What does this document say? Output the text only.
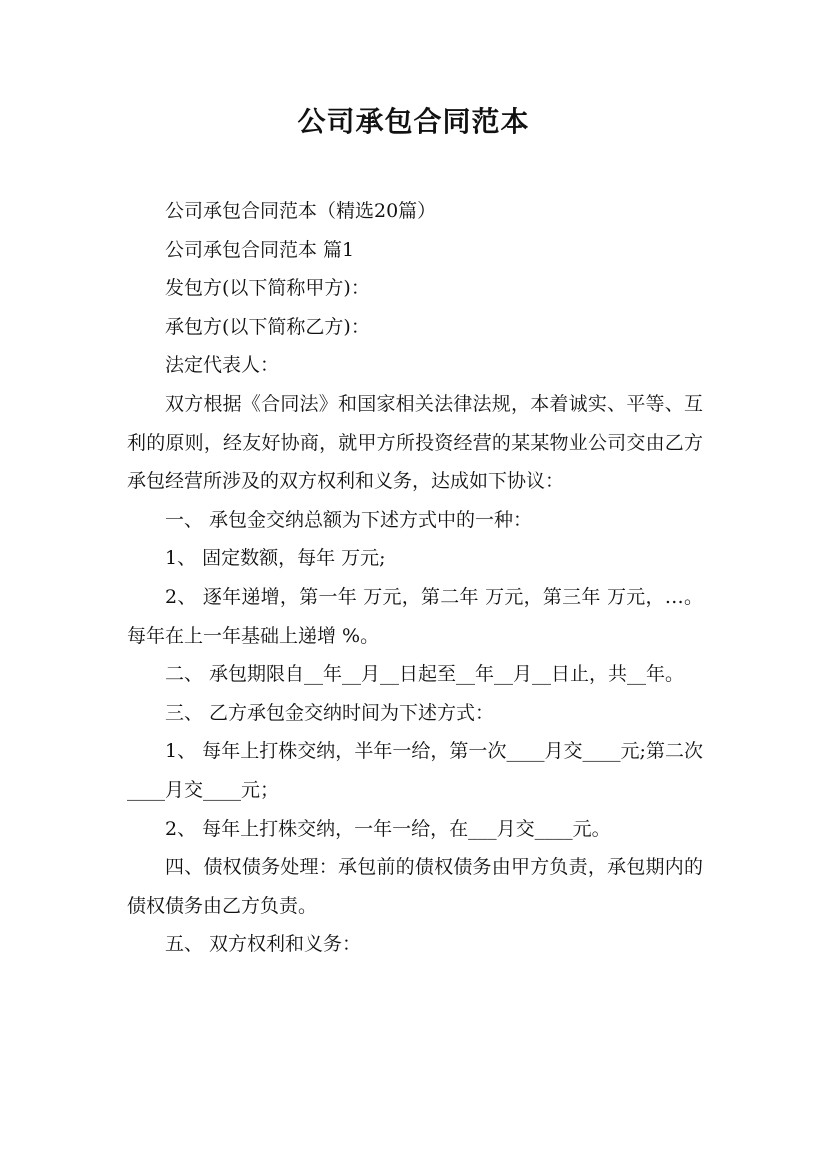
公司承包合同范本

公司承包合同范本（精选20篇）

公司承包合同范本 篇1

发包方(以下简称甲方)：

承包方(以下简称乙方)：

法定代表人：

双方根据《合同法》和国家相关法律法规，本着诚实、平等、互利的原则，经友好协商，就甲方所投资经营的某某物业公司交由乙方承包经营所涉及的双方权利和义务，达成如下协议：

一、 承包金交纳总额为下述方式中的一种：

1、 固定数额，每年 万元;

2、 逐年递增，第一年 万元，第二年 万元，第三年 万元，…。每年在上一年基础上递增 %。

二、 承包期限自__年__月__日起至__年__月__日止，共__年。

三、 乙方承包金交纳时间为下述方式：

1、 每年上打株交纳，半年一给，第一次____月交____元;第二次____月交____元；

2、 每年上打株交纳，一年一给，在___月交____元。

四、债权债务处理：承包前的债权债务由甲方负责，承包期内的债权债务由乙方负责。

五、 双方权利和义务：
